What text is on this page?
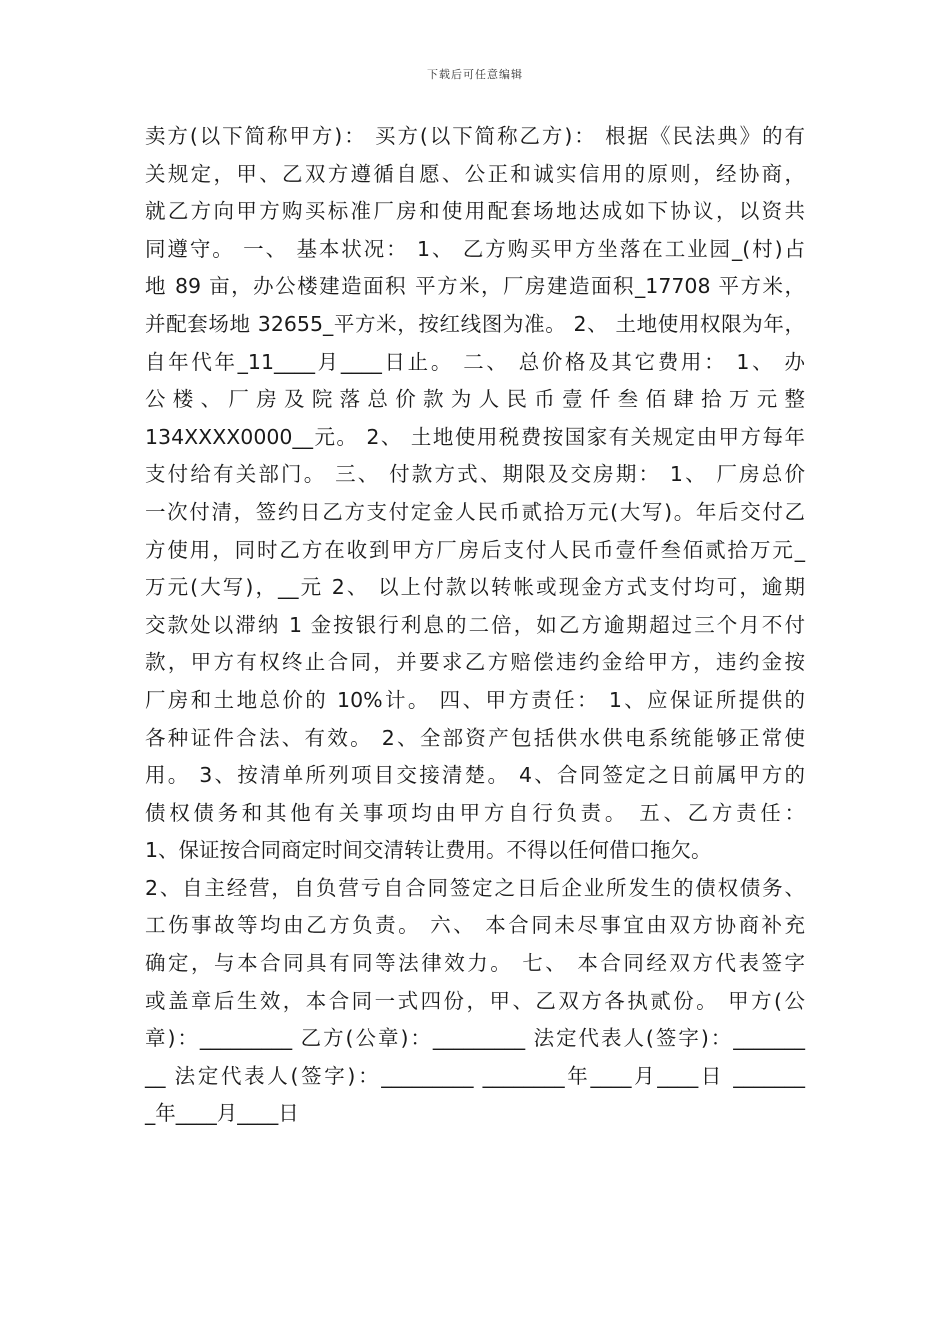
下载后可任意编辑
卖方(以下简称甲方)： 买方(以下简称乙方)： 根据《民法典》的有
关规定，甲、乙双方遵循自愿、公正和诚实信用的原则，经协商，
就乙方向甲方购买标准厂房和使用配套场地达成如下协议，以资共
同遵守。 一、 基本状况： 1、 乙方购买甲方坐落在工业园_(村)占
地 89 亩，办公楼建造面积 平方米，厂房建造面积_17708 平方米，
并配套场地 32655_平方米，按红线图为准。 2、 土地使用权限为年，
自年代年_11____月____日止。 二、 总价格及其它费用： 1、 办
公 楼 、 厂 房 及 院 落 总 价 款 为 人 民 币 壹 仟 叁 佰 肆 拾 万 元 整
134XXXX0000__元。 2、 土地使用税费按国家有关规定由甲方每年
支付给有关部门。 三、 付款方式、期限及交房期： 1、 厂房总价
一次付清，签约日乙方支付定金人民币贰拾万元(大写)。年后交付乙
方使用，同时乙方在收到甲方厂房后支付人民币壹仟叁佰贰拾万元_
万元(大写)，__元 2、 以上付款以转帐或现金方式支付均可，逾期
交款处以滞纳 1 金按银行利息的二倍，如乙方逾期超过三个月不付
款，甲方有权终止合同，并要求乙方赔偿违约金给甲方，违约金按
厂房和土地总价的 10%计。 四、甲方责任： 1、应保证所提供的
各种证件合法、有效。 2、全部资产包括供水供电系统能够正常使
用。 3、按清单所列项目交接清楚。 4、合同签定之日前属甲方的
债权债务和其他有关事项均由甲方自行负责。 五、乙方责任：
1、保证按合同商定时间交清转让费用。不得以任何借口拖欠。
2、自主经营，自负营亏自合同签定之日后企业所发生的债权债务、
工伤事故等均由乙方负责。 六、 本合同未尽事宜由双方协商补充
确定，与本合同具有同等法律效力。 七、 本合同经双方代表签字
或盖章后生效，本合同一式四份，甲、乙双方各执贰份。 甲方(公
章)：_________ 乙方(公章)：_________ 法定代表人(签字)：_______
__ 法定代表人(签字)：_________ ________年____月____日 _______
_年____月____日
